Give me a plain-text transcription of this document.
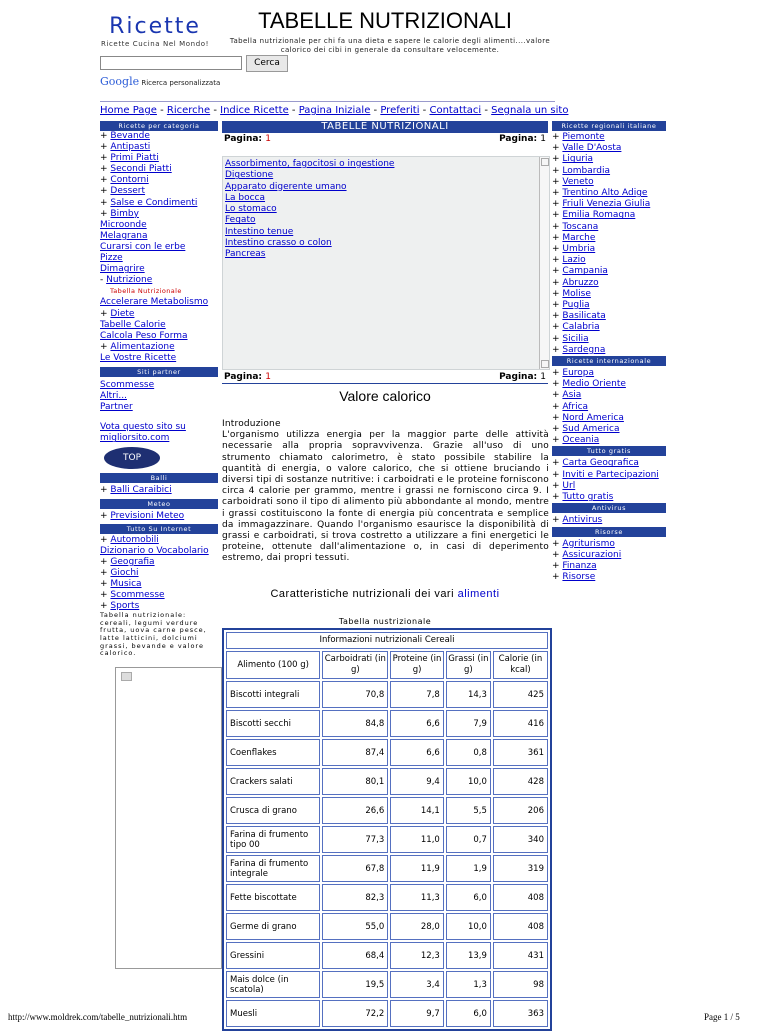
Ricette
Ricette Cucina Nel Mondo!
TABELLE NUTRIZIONALI
Tabella nutrizionale per chi fa una dieta e sapere le calorie degli alimenti....valore calorico dei cibi in generale da consultare velocemente.
Cerca
Google Ricerca personalizzata
Home Page - Ricerche - Indice Ricette - Pagina Iniziale - Preferiti - Contattaci - Segnala un sito
Ricette per categoria
+ Bevande
+ Antipasti
+ Primi Piatti
+ Secondi Piatti
+ Contorni
+ Dessert
+ Salse e Condimenti
+ Bimby
Microonde
Melagrana
Curarsi con le erbe
Pizze
Dimagrire
- Nutrizione
Tabella Nutrizionale
Accelerare Metabolismo
+ Diete
Tabelle Calorie
Calcola Peso Forma
+ Alimentazione
Le Vostre Ricette
Siti partner
Scommesse
Altri...
Partner
Vota questo sito su migliorsito.com
TOP
Balli
+ Balli Caraibici
Meteo
+ Previsioni Meteo
Tutto Su Internet
+ Automobili
Dizionario o Vocabolario
+ Geografia
+ Giochi
+ Musica
+ Scommesse
+ Sports
Tabella nutrizionale: cereali, legumi verdure frutta, uova carne pesce, latte latticini, dolciumi grassi, bevande e valore calorico.
TABELLE NUTRIZIONALI
Pagina: 1	Pagina: 1
Assorbimento, fagocitosi o ingestione
Digestione
Apparato digerente umano
La bocca
Lo stomaco
Fegato
Intestino tenue
Intestino crasso o colon
Pancreas
Pagina: 1	Pagina: 1
Valore calorico
Introduzione
L'organismo utilizza energia per la maggior parte delle attività necessarie alla propria sopravvivenza. Grazie all'uso di uno strumento chiamato calorimetro, è stato possibile stabilire la quantità di energia, o valore calorico, che si ottiene bruciando i diversi tipi di sostanze nutritive: i carboidrati e le proteine forniscono circa 4 calorie per grammo, mentre i grassi ne forniscono circa 9. I carboidrati sono il tipo di alimento più abbondante al mondo, mentre i grassi costituiscono la fonte di energia più concentrata e semplice da immagazzinare. Quando l'organismo esaurisce la disponibilità di grassi e carboidrati, si trova costretto a utilizzare a fini energetici le proteine, ottenute dall'alimentazione o, in casi di deperimento estremo, dai propri tessuti.
Caratteristiche nutrizionali dei vari alimenti
Tabella nustrizionale
Informazioni nutrizionali Cereali				
Alimento (100 g)	Carboidrati (in g)	Proteine (in g)	Grassi (in g)	Calorie (in kcal)
Biscotti integrali	70,8	7,8	14,3	425
Biscotti secchi	84,8	6,6	7,9	416
Coenflakes	87,4	6,6	0,8	361
Crackers salati	80,1	9,4	10,0	428
Crusca di grano	26,6	14,1	5,5	206
Farina di frumento tipo 00	77,3	11,0	0,7	340
Farina di frumento integrale	67,8	11,9	1,9	319
Fette biscottate	82,3	11,3	6,0	408
Germe di grano	55,0	28,0	10,0	408
Gressini	68,4	12,3	13,9	431
Mais dolce (in scatola)	19,5	3,4	1,3	98
Muesli	72,2	9,7	6,0	363
Ricette regionali italiane
+ Piemonte
+ Valle D'Aosta
+ Liguria
+ Lombardia
+ Veneto
+ Trentino Alto Adige
+ Friuli Venezia Giulia
+ Emilia Romagna
+ Toscana
+ Marche
+ Umbria
+ Lazio
+ Campania
+ Abruzzo
+ Molise
+ Puglia
+ Basilicata
+ Calabria
+ Sicilia
+ Sardegna
Ricette internazionale
+ Europa
+ Medio Oriente
+ Asia
+ Africa
+ Nord America
+ Sud America
+ Oceania
Tutto gratis
+ Carta Geografica
+ Inviti e Partecipazioni
+ Url
+ Tutto gratis
Antivirus
+ Antivirus
Risorse
+ Agriturismo
+ Assicurazioni
+ Finanza
+ Risorse
http://www.moldrek.com/tabelle_nutrizionali.htm	Page 1 / 5
